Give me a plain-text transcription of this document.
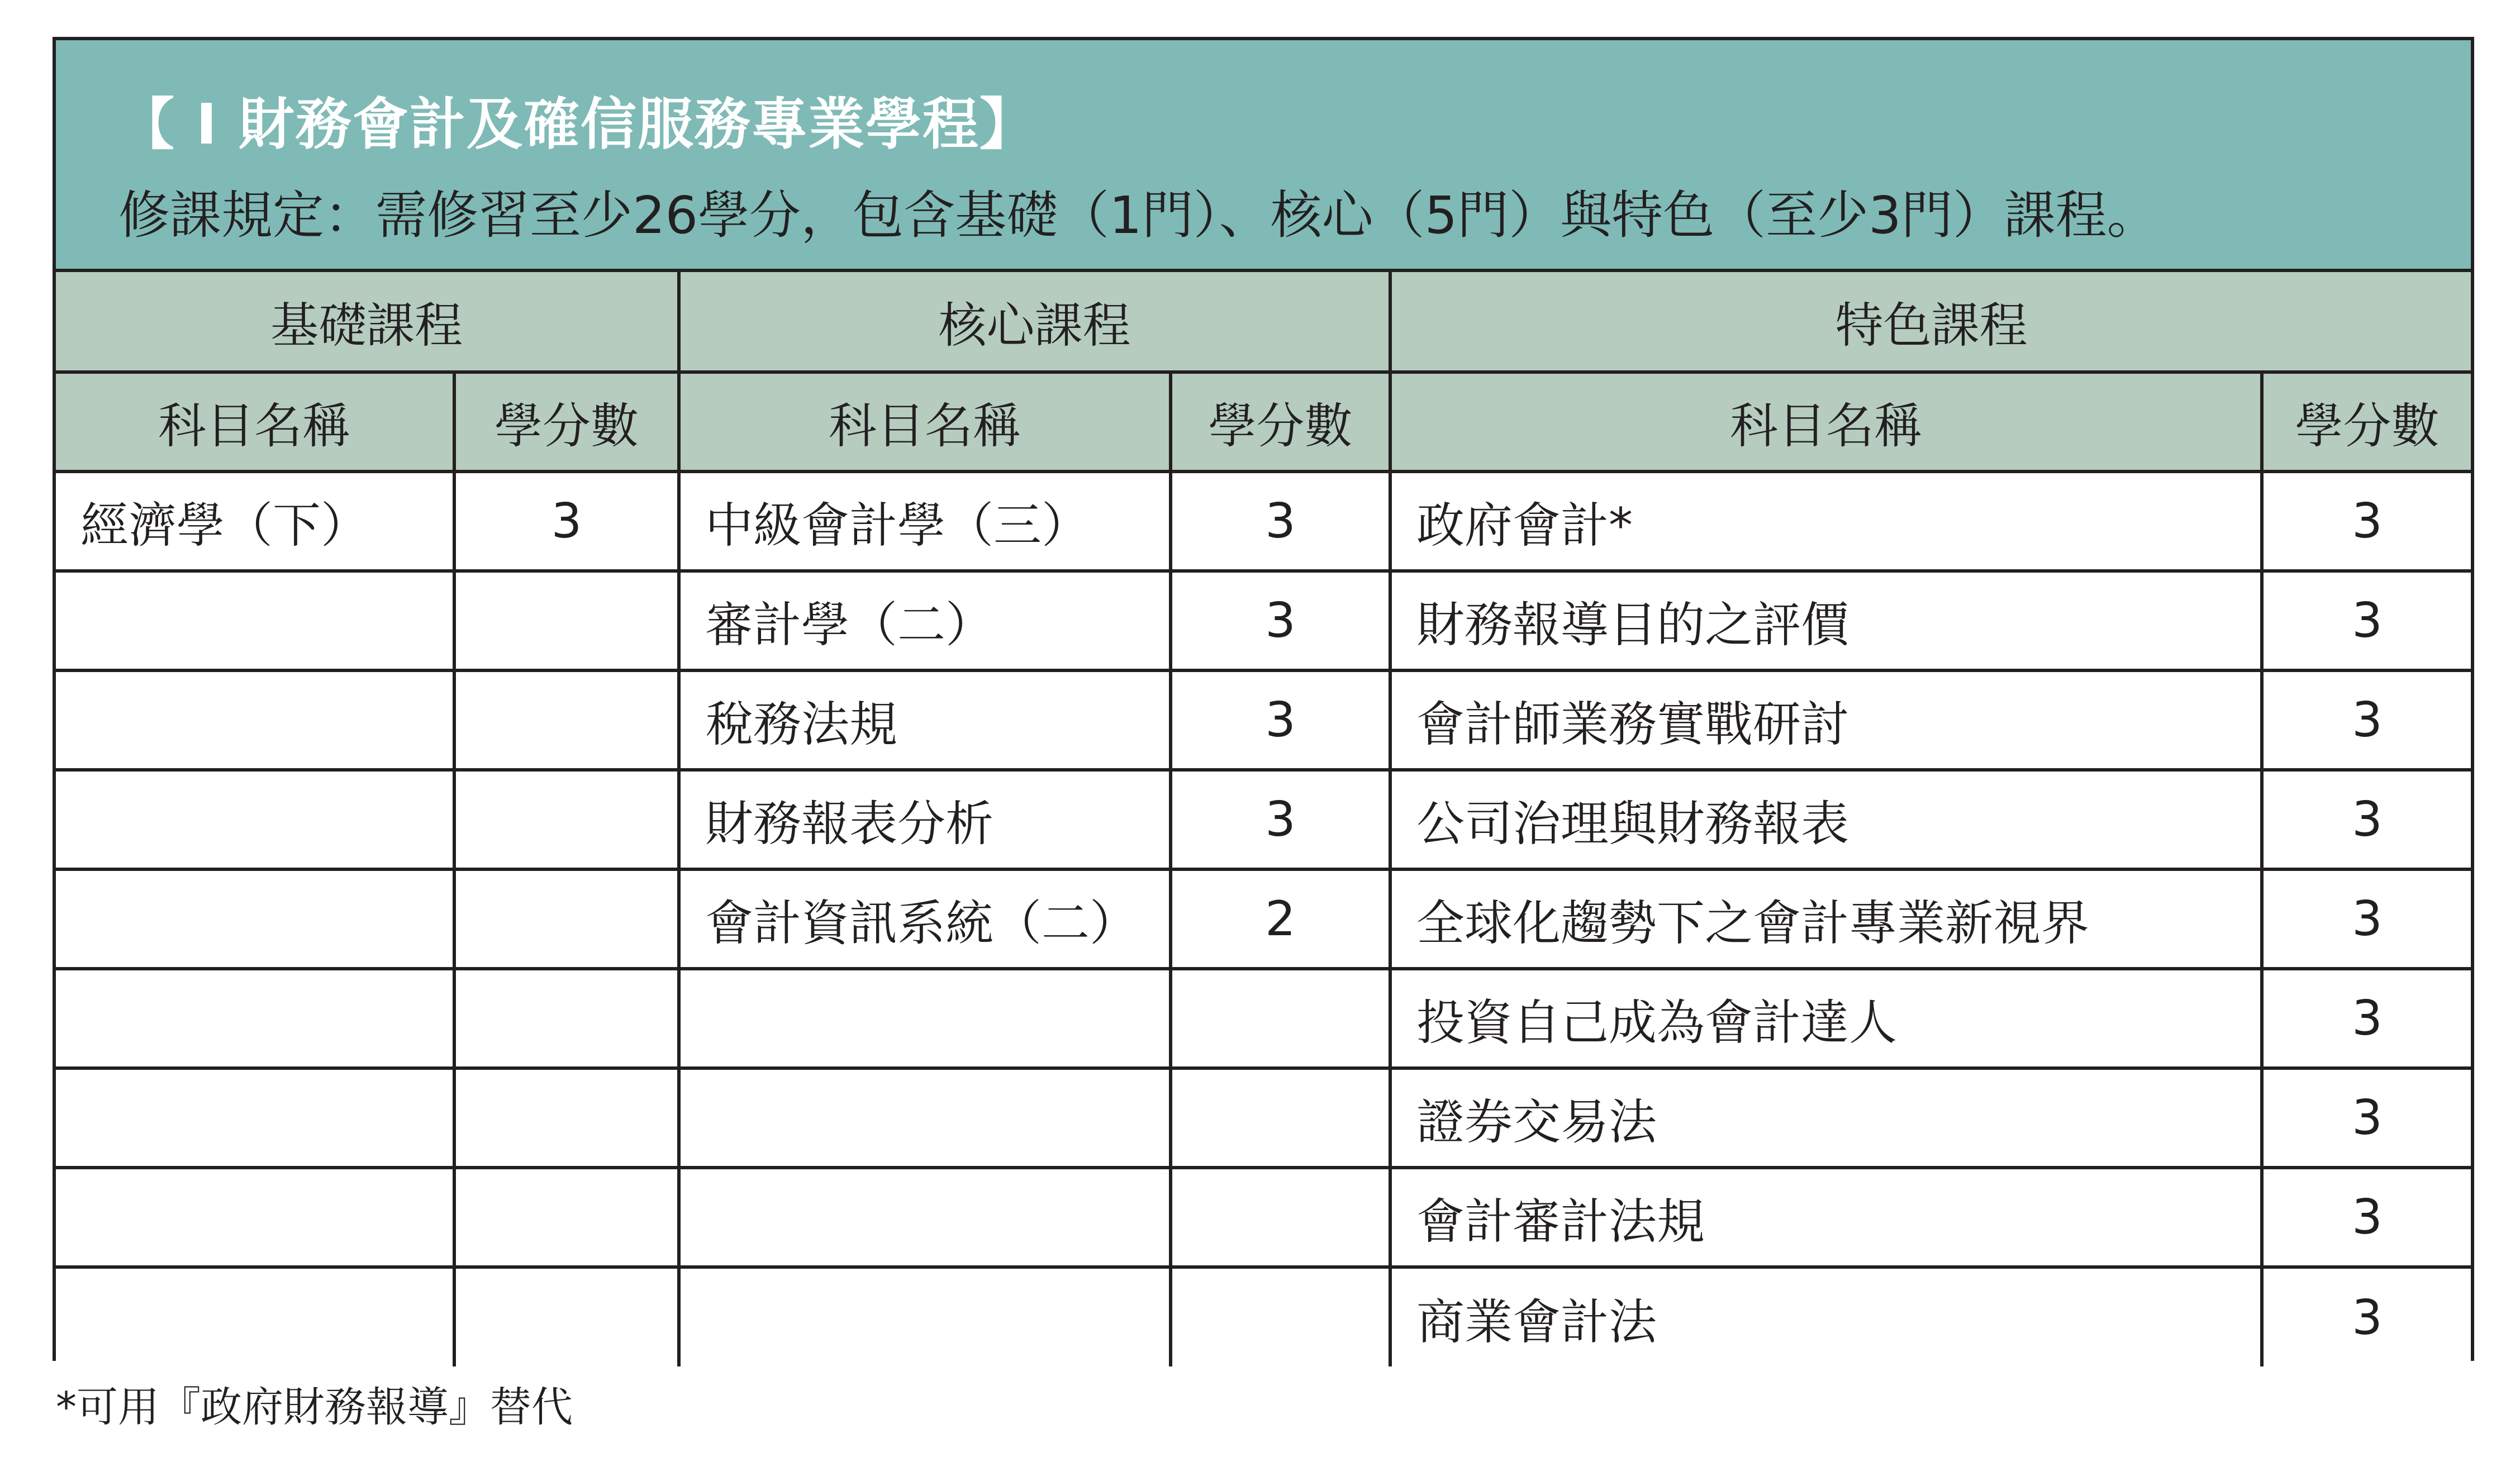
【 I 財務會計及確信服務專業學程】
修課規定：需修習至少26學分，包含基礎（1門）、核心（5門）與特色（至少3門）課程。
基礎課程		核心課程		特色課程	
科目名稱	學分數	科目名稱	學分數	科目名稱	學分數
經濟學（下）	3	中級會計學（三）	3	政府會計*	3
		審計學（二）	3	財務報導目的之評價	3
		稅務法規	3	會計師業務實戰研討	3
		財務報表分析	3	公司治理與財務報表	3
		會計資訊系統（二）	2	全球化趨勢下之會計專業新視界	3
				投資自己成為會計達人	3
				證券交易法	3
				會計審計法規	3
				商業會計法	3
*可用『政府財務報導』替代
